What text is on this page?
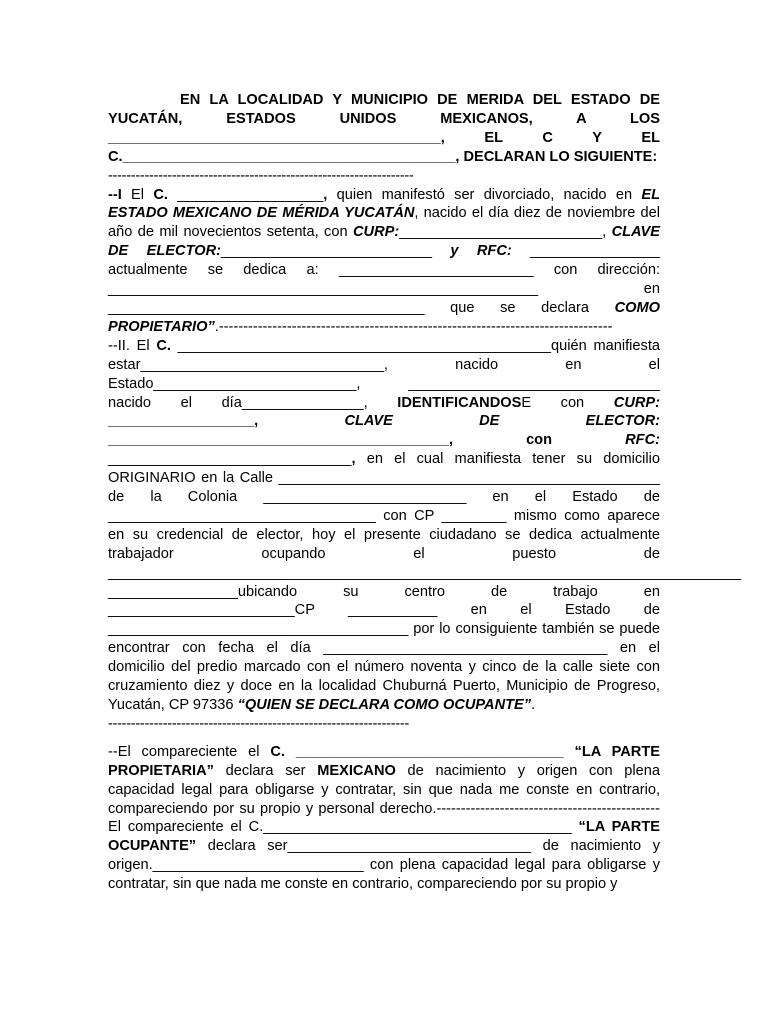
EN LA LOCALIDAD Y MUNICIPIO DE MERIDA DEL ESTADO DE YUCATÁN, ESTADOS UNIDOS MEXICANOS, A LOS _________________________________________, EL C Y EL C._________________________________________, DECLARAN LO SIGUIENTE:

-------------------------------------------------------------------

--I El C. __________________, quien manifestó ser divorciado, nacido en EL ESTADO MEXICANO DE MÉRIDA YUCATÁN, nacido el día diez de noviembre del año de mil novecientos setenta, con CURP:_________________________, CLAVE DE ELECTOR:__________________________ y RFC: ________________ actualmente se dedica a: ________________________ con dirección: _____________________________________________________ en _______________________________________ que se declara COMO PROPIETARIO”.---------------------------------------------------------------------------------

--II. El C. ______________________________________________quién manifiesta estar______________________________, nacido en el Estado_________________________, _______________________________ nacido el día_______________, IDENTIFICANDOSE con CURP: __________________, CLAVE DE ELECTOR: __________________________________________, con RFC: ______________________________, en el cual manifiesta tener su domicilio ORIGINARIO en la Calle _______________________________________________ de la Colonia _________________________ en el Estado de _________________________________ con CP ________ mismo como aparece en su credencial de elector, hoy el presente ciudadano se dedica actualmente trabajador ocupando el puesto de ______________________________________________________________________________ ________________ubicando su centro de trabajo en _______________________CP ___________ en el Estado de _____________________________________ por lo consiguiente también se puede encontrar con fecha el día ___________________________________ en el domicilio del predio marcado con el número noventa y cinco de la calle siete con cruzamiento diez y doce en la localidad Chuburná Puerto, Municipio de Progreso, Yucatán, CP 97336 “QUIEN SE DECLARA COMO OCUPANTE”.

------------------------------------------------------------------

--El compareciente el C. _________________________________ “LA PARTE PROPIETARIA” declara ser MEXICANO de nacimiento y origen con plena capacidad legal para obligarse y contratar, sin que nada me conste en contrario, compareciendo por su propio y personal derecho.----------------------------------------------El compareciente el C.______________________________________ “LA PARTE OCUPANTE” declara ser______________________________ de nacimiento y origen.__________________________ con plena capacidad legal para obligarse y contratar, sin que nada me conste en contrario, compareciendo por su propio y
